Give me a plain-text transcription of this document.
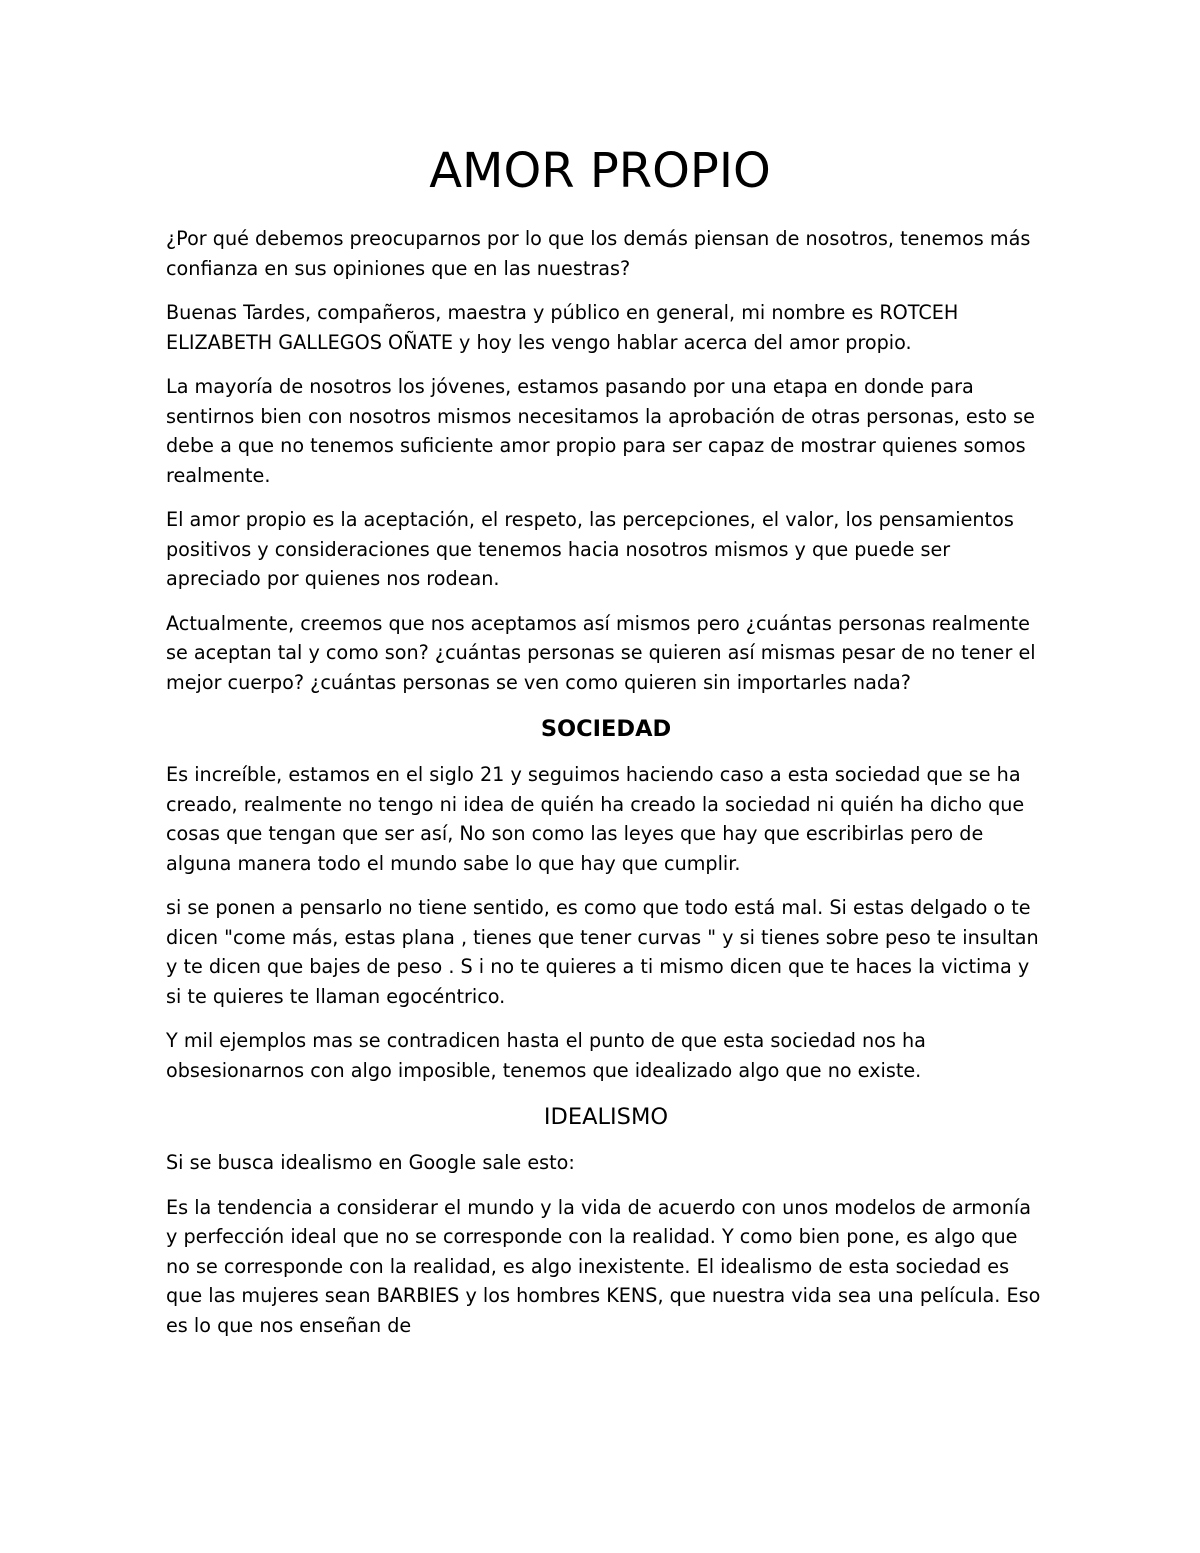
AMOR PROPIO

¿Por qué debemos preocuparnos por lo que los demás piensan de nosotros, tenemos más confianza en sus opiniones que en las nuestras?

Buenas Tardes, compañeros, maestra y público en general, mi nombre es ROTCEH ELIZABETH GALLEGOS OÑATE y hoy les vengo hablar acerca del amor propio.

La mayoría de nosotros los jóvenes, estamos pasando por una etapa en donde para sentirnos bien con nosotros mismos necesitamos la aprobación de otras personas, esto se debe a que no tenemos suficiente amor propio para ser capaz de mostrar quienes somos realmente.

El amor propio es la aceptación, el respeto, las percepciones, el valor, los pensamientos positivos y consideraciones que tenemos hacia nosotros mismos y que puede ser apreciado por quienes nos rodean.

Actualmente, creemos que nos aceptamos así mismos pero ¿cuántas personas realmente se aceptan tal y como son? ¿cuántas personas se quieren así mismas pesar de no tener el mejor cuerpo? ¿cuántas personas se ven como quieren sin importarles nada?

SOCIEDAD

Es increíble, estamos en el siglo 21 y seguimos haciendo caso a esta sociedad que se ha creado, realmente no tengo ni idea de quién ha creado la sociedad ni quién ha dicho que cosas que tengan que ser así, No son como las leyes que hay que escribirlas pero de alguna manera todo el mundo sabe lo que hay que cumplir.

si se ponen a pensarlo no tiene sentido, es como que todo está mal. Si estas delgado o te dicen "come más, estas plana , tienes que tener curvas " y si tienes sobre peso te insultan y te dicen que bajes de peso . S i no te quieres a ti mismo dicen que te haces la victima y si te quieres te llaman egocéntrico.

Y mil ejemplos mas se contradicen hasta el punto de que esta sociedad nos ha obsesionarnos con algo imposible, tenemos que idealizado algo que no existe.

IDEALISMO

Si se busca idealismo en Google sale esto:

Es la tendencia a considerar el mundo y la vida de acuerdo con unos modelos de armonía y perfección ideal que no se corresponde con la realidad. Y como bien pone, es algo que no se corresponde con la realidad, es algo inexistente. El idealismo de esta sociedad es que las mujeres sean BARBIES y los hombres KENS, que nuestra vida sea una película. Eso es lo que nos enseñan de
